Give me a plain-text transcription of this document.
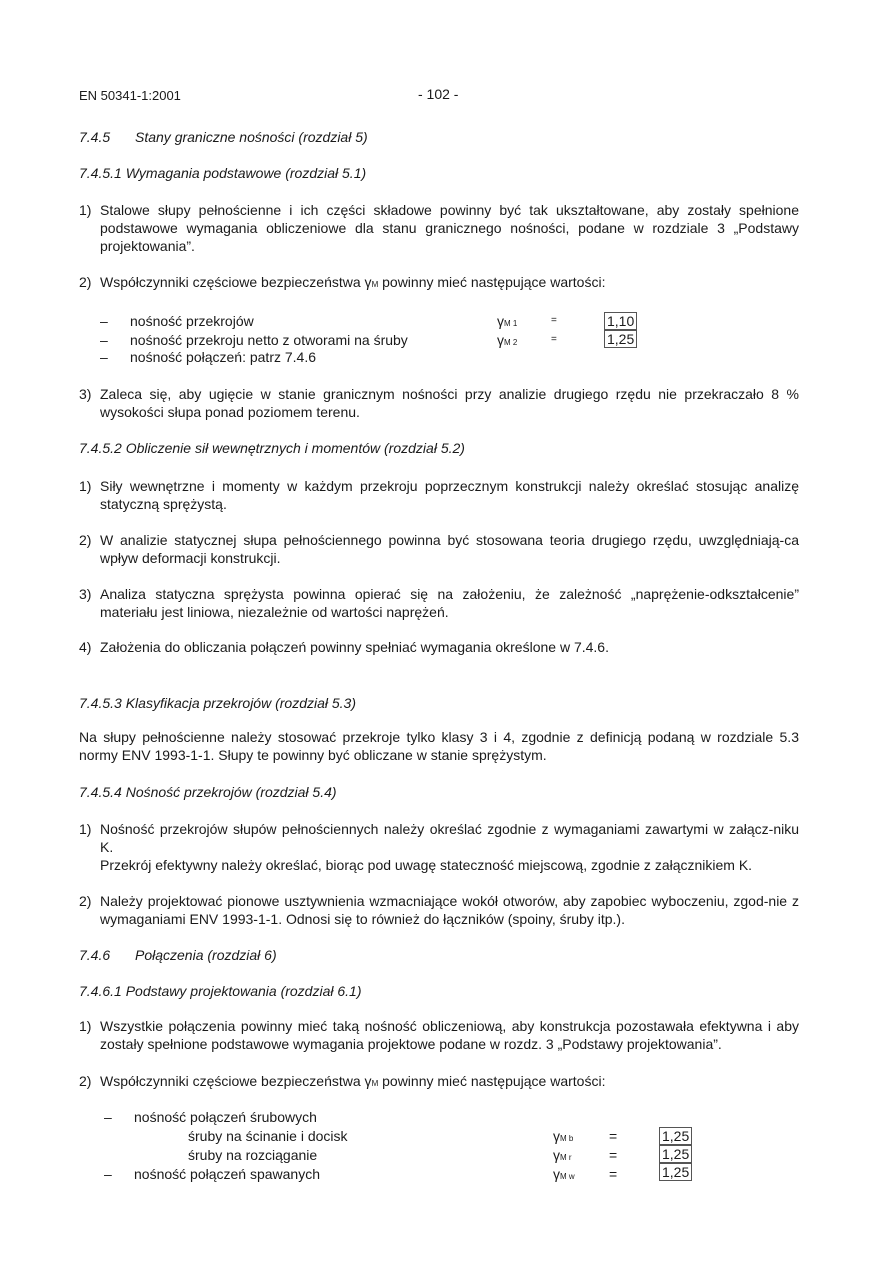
EN 50341-1:2001	- 102 -
7.4.5 Stany graniczne nośności (rozdział 5)
7.4.5.1 Wymagania podstawowe (rozdział 5.1)
1) Stalowe słupy pełnościenne i ich części składowe powinny być tak ukształtowane, aby zostały spełnione podstawowe wymagania obliczeniowe dla stanu granicznego nośności, podane w rozdziale 3 „Podstawy projektowania”.
2) Współczynniki częściowe bezpieczeństwa γM powinny mieć następujące wartości:
– nośność przekrojów	γM 1	=	1,10
– nośność przekroju netto z otworami na śruby	γM 2	=	1,25
– nośność połączeń: patrz 7.4.6
3) Zaleca się, aby ugięcie w stanie granicznym nośności przy analizie drugiego rzędu nie przekraczało 8 % wysokości słupa ponad poziomem terenu.
7.4.5.2 Obliczenie sił wewnętrznych i momentów (rozdział 5.2)
1) Siły wewnętrzne i momenty w każdym przekroju poprzecznym konstrukcji należy określać stosując analizę statyczną sprężystą.
2) W analizie statycznej słupa pełnościennego powinna być stosowana teoria drugiego rzędu, uwzględniają-ca wpływ deformacji konstrukcji.
3) Analiza statyczna sprężysta powinna opierać się na założeniu, że zależność „naprężenie-odkształcenie” materiału jest liniowa, niezależnie od wartości naprężeń.
4) Założenia do obliczania połączeń powinny spełniać wymagania określone w 7.4.6.
7.4.5.3 Klasyfikacja przekrojów (rozdział 5.3)
Na słupy pełnościenne należy stosować przekroje tylko klasy 3 i 4, zgodnie z definicją podaną w rozdziale 5.3 normy ENV 1993-1-1. Słupy te powinny być obliczane w stanie sprężystym.
7.4.5.4 Nośność przekrojów (rozdział 5.4)
1) Nośność przekrojów słupów pełnościennych należy określać zgodnie z wymaganiami zawartymi w załącz-niku K.
Przekrój efektywny należy określać, biorąc pod uwagę stateczność miejscową, zgodnie z załącznikiem K.
2) Należy projektować pionowe usztywnienia wzmacniające wokół otworów, aby zapobiec wyboczeniu, zgod-nie z wymaganiami ENV 1993-1-1. Odnosi się to również do łączników (spoiny, śruby itp.).
7.4.6 Połączenia (rozdział 6)
7.4.6.1 Podstawy projektowania (rozdział 6.1)
1) Wszystkie połączenia powinny mieć taką nośność obliczeniową, aby konstrukcja pozostawała efektywna i aby zostały spełnione podstawowe wymagania projektowe podane w rozdz. 3 „Podstawy projektowania”.
2) Współczynniki częściowe bezpieczeństwa γM powinny mieć następujące wartości:
– nośność połączeń śrubowych
śruby na ścinanie i docisk	γM b	=	1,25
śruby na rozciąganie	γM r	=	1,25
– nośność połączeń spawanych	γM w =	1,25
